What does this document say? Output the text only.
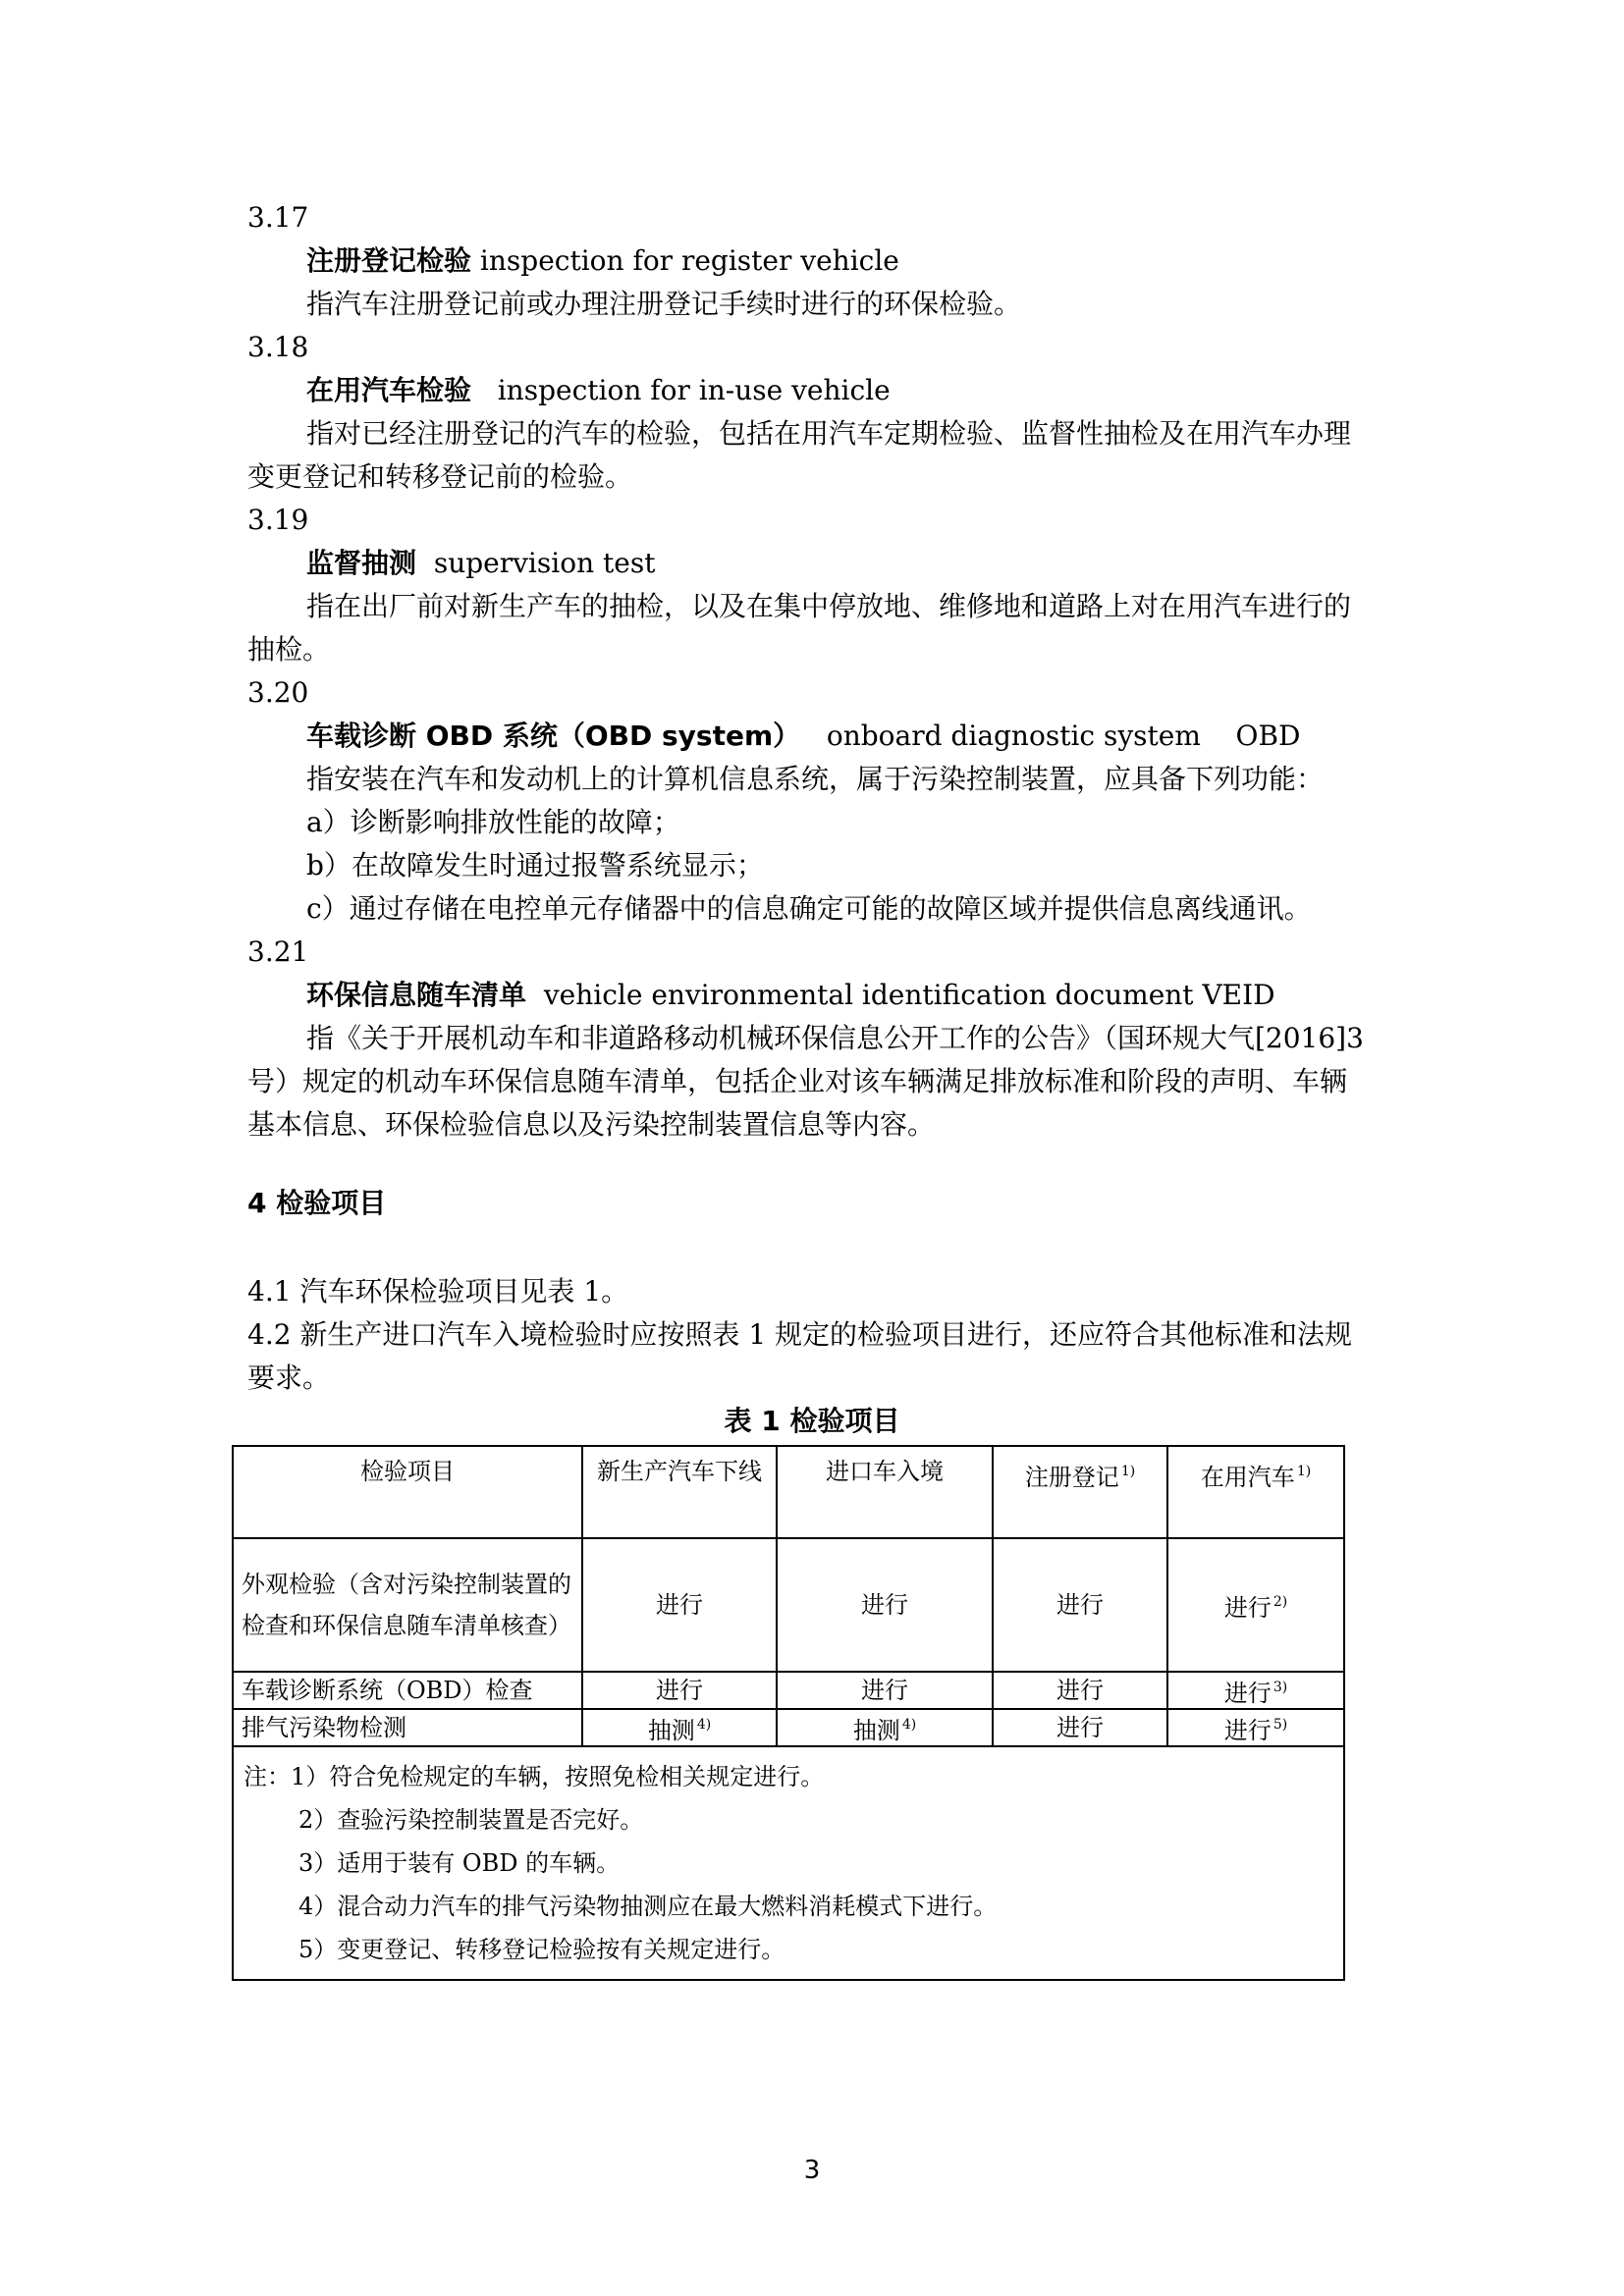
3.17
注册登记检验 inspection for register vehicle
指汽车注册登记前或办理注册登记手续时进行的环保检验。
3.18
在用汽车检验 inspection for in-use vehicle
指对已经注册登记的汽车的检验，包括在用汽车定期检验、监督性抽检及在用汽车办理
变更登记和转移登记前的检验。
3.19
监督抽测 supervision test
指在出厂前对新生产车的抽检，以及在集中停放地、维修地和道路上对在用汽车进行的
抽检。
3.20
车载诊断 OBD 系统（OBD system） onboard diagnostic system    OBD
指安装在汽车和发动机上的计算机信息系统，属于污染控制装置，应具备下列功能：
a）诊断影响排放性能的故障；
b）在故障发生时通过报警系统显示；
c）通过存储在电控单元存储器中的信息确定可能的故障区域并提供信息离线通讯。
3.21
环保信息随车清单 vehicle environmental identification document VEID
指《关于开展机动车和非道路移动机械环保信息公开工作的公告》（国环规大气[2016]3
号）规定的机动车环保信息随车清单，包括企业对该车辆满足排放标准和阶段的声明、车辆
基本信息、环保检验信息以及污染控制装置信息等内容。
4 检验项目
4.1 汽车环保检验项目见表 1。
4.2 新生产进口汽车入境检验时应按照表 1 规定的检验项目进行，还应符合其他标准和法规
要求。
表 1 检验项目
检验项目	新生产汽车下线	进口车入境	注册登记 $^{1)}$	在用汽车 $^{1)}$
外观检验（含对污染控制装置的检查和环保信息随车清单核查）	进行	进行	进行	进行 $^{2)}$
车载诊断系统（OBD）检查	进行	进行	进行	进行 $^{3)}$
排气污染物检测	抽测 $^{4)}$	抽测 $^{4)}$	进行	进行 $^{5)}$

注：1）符合免检规定的车辆，按照免检相关规定进行。
2）查验污染控制装置是否完好。
3）适用于装有 OBD 的车辆。
4）混合动力汽车的排气污染物抽测应在最大燃料消耗模式下进行。
5）变更登记、转移登记检验按有关规定进行。				
3
